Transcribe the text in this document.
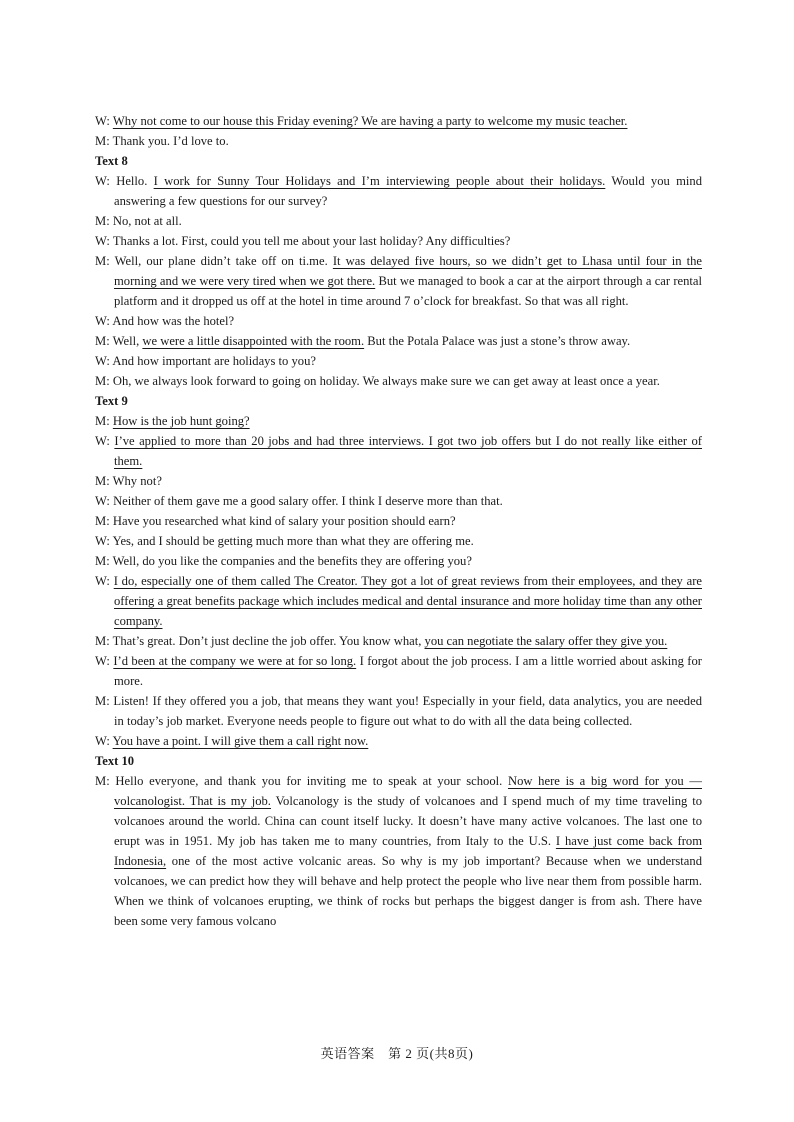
W: Why not come to our house this Friday evening? We are having a party to welcome my music teacher.
M: Thank you. I’d love to.
Text 8
W: Hello. I work for Sunny Tour Holidays and I’m interviewing people about their holidays. Would you mind answering a few questions for our survey?
M: No, not at all.
W: Thanks a lot. First, could you tell me about your last holiday? Any difficulties?
M: Well, our plane didn’t take off on ti.me. It was delayed five hours, so we didn’t get to Lhasa until four in the morning and we were very tired when we got there. But we managed to book a car at the airport through a car rental platform and it dropped us off at the hotel in time around 7 o’clock for breakfast. So that was all right.
W: And how was the hotel?
M: Well, we were a little disappointed with the room. But the Potala Palace was just a stone’s throw away.
W: And how important are holidays to you?
M: Oh, we always look forward to going on holiday. We always make sure we can get away at least once a year.
Text 9
M: How is the job hunt going?
W: I’ve applied to more than 20 jobs and had three interviews. I got two job offers but I do not really like either of them.
M: Why not?
W: Neither of them gave me a good salary offer. I think I deserve more than that.
M: Have you researched what kind of salary your position should earn?
W: Yes, and I should be getting much more than what they are offering me.
M: Well, do you like the companies and the benefits they are offering you?
W: I do, especially one of them called The Creator. They got a lot of great reviews from their employees, and they are offering a great benefits package which includes medical and dental insurance and more holiday time than any other company.
M: That’s great. Don’t just decline the job offer. You know what, you can negotiate the salary offer they give you.
W: I’d been at the company we were at for so long. I forgot about the job process. I am a little worried about asking for more.
M: Listen! If they offered you a job, that means they want you! Especially in your field, data analytics, you are needed in today’s job market. Everyone needs people to figure out what to do with all the data being collected.
W: You have a point. I will give them a call right now.
Text 10
M: Hello everyone, and thank you for inviting me to speak at your school. Now here is a big word for you — volcanologist. That is my job. Volcanology is the study of volcanoes and I spend much of my time traveling to volcanoes around the world. China can count itself lucky. It doesn’t have many active volcanoes. The last one to erupt was in 1951. My job has taken me to many countries, from Italy to the U.S. I have just come back from Indonesia, one of the most active volcanic areas. So why is my job important? Because when we understand volcanoes, we can predict how they will behave and help protect the people who live near them from possible harm. When we think of volcanoes erupting, we think of rocks but perhaps the biggest danger is from ash. There have been some very famous volcano
英语答案　第 2 页(共8页)
